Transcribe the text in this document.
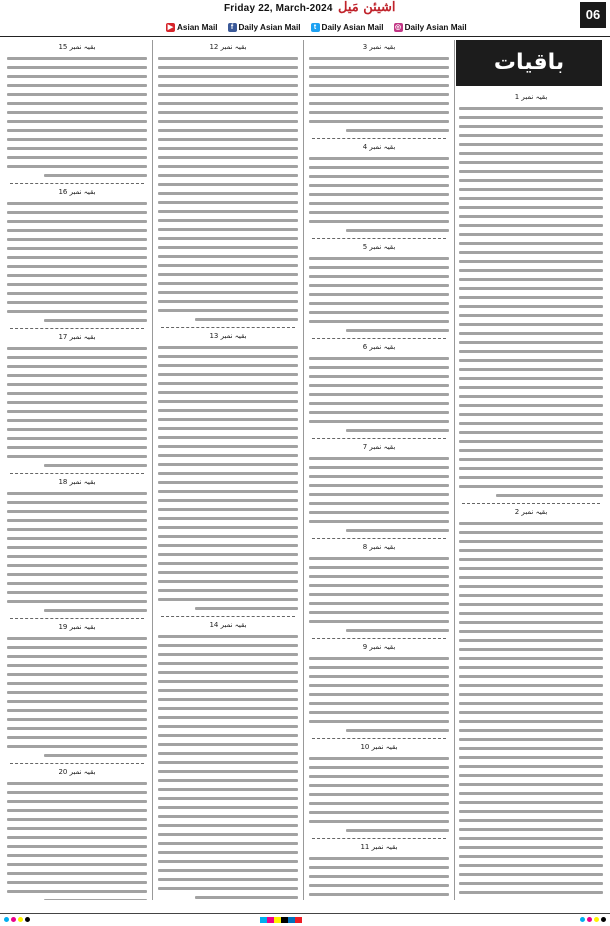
Friday 22, March-2024 اشیئن مَیل	06
▶ Asian Mail	f Daily Asian Mail	t Daily Asian Mail ◎ Daily Asian Mail
باقیات
بقیہ نمبر 15
بقیہ نمبر 16
بقیہ نمبر 17
بقیہ نمبر 18
بقیہ نمبر 19
بقیہ نمبر 20
بقیہ نمبر 12
بقیہ نمبر 13
بقیہ نمبر 14
بقیہ نمبر 3
بقیہ نمبر 4
بقیہ نمبر 5
بقیہ نمبر 6
بقیہ نمبر 7
بقیہ نمبر 8
بقیہ نمبر 9
بقیہ نمبر 10
بقیہ نمبر 11
بقیہ نمبر 1
بقیہ نمبر 2
